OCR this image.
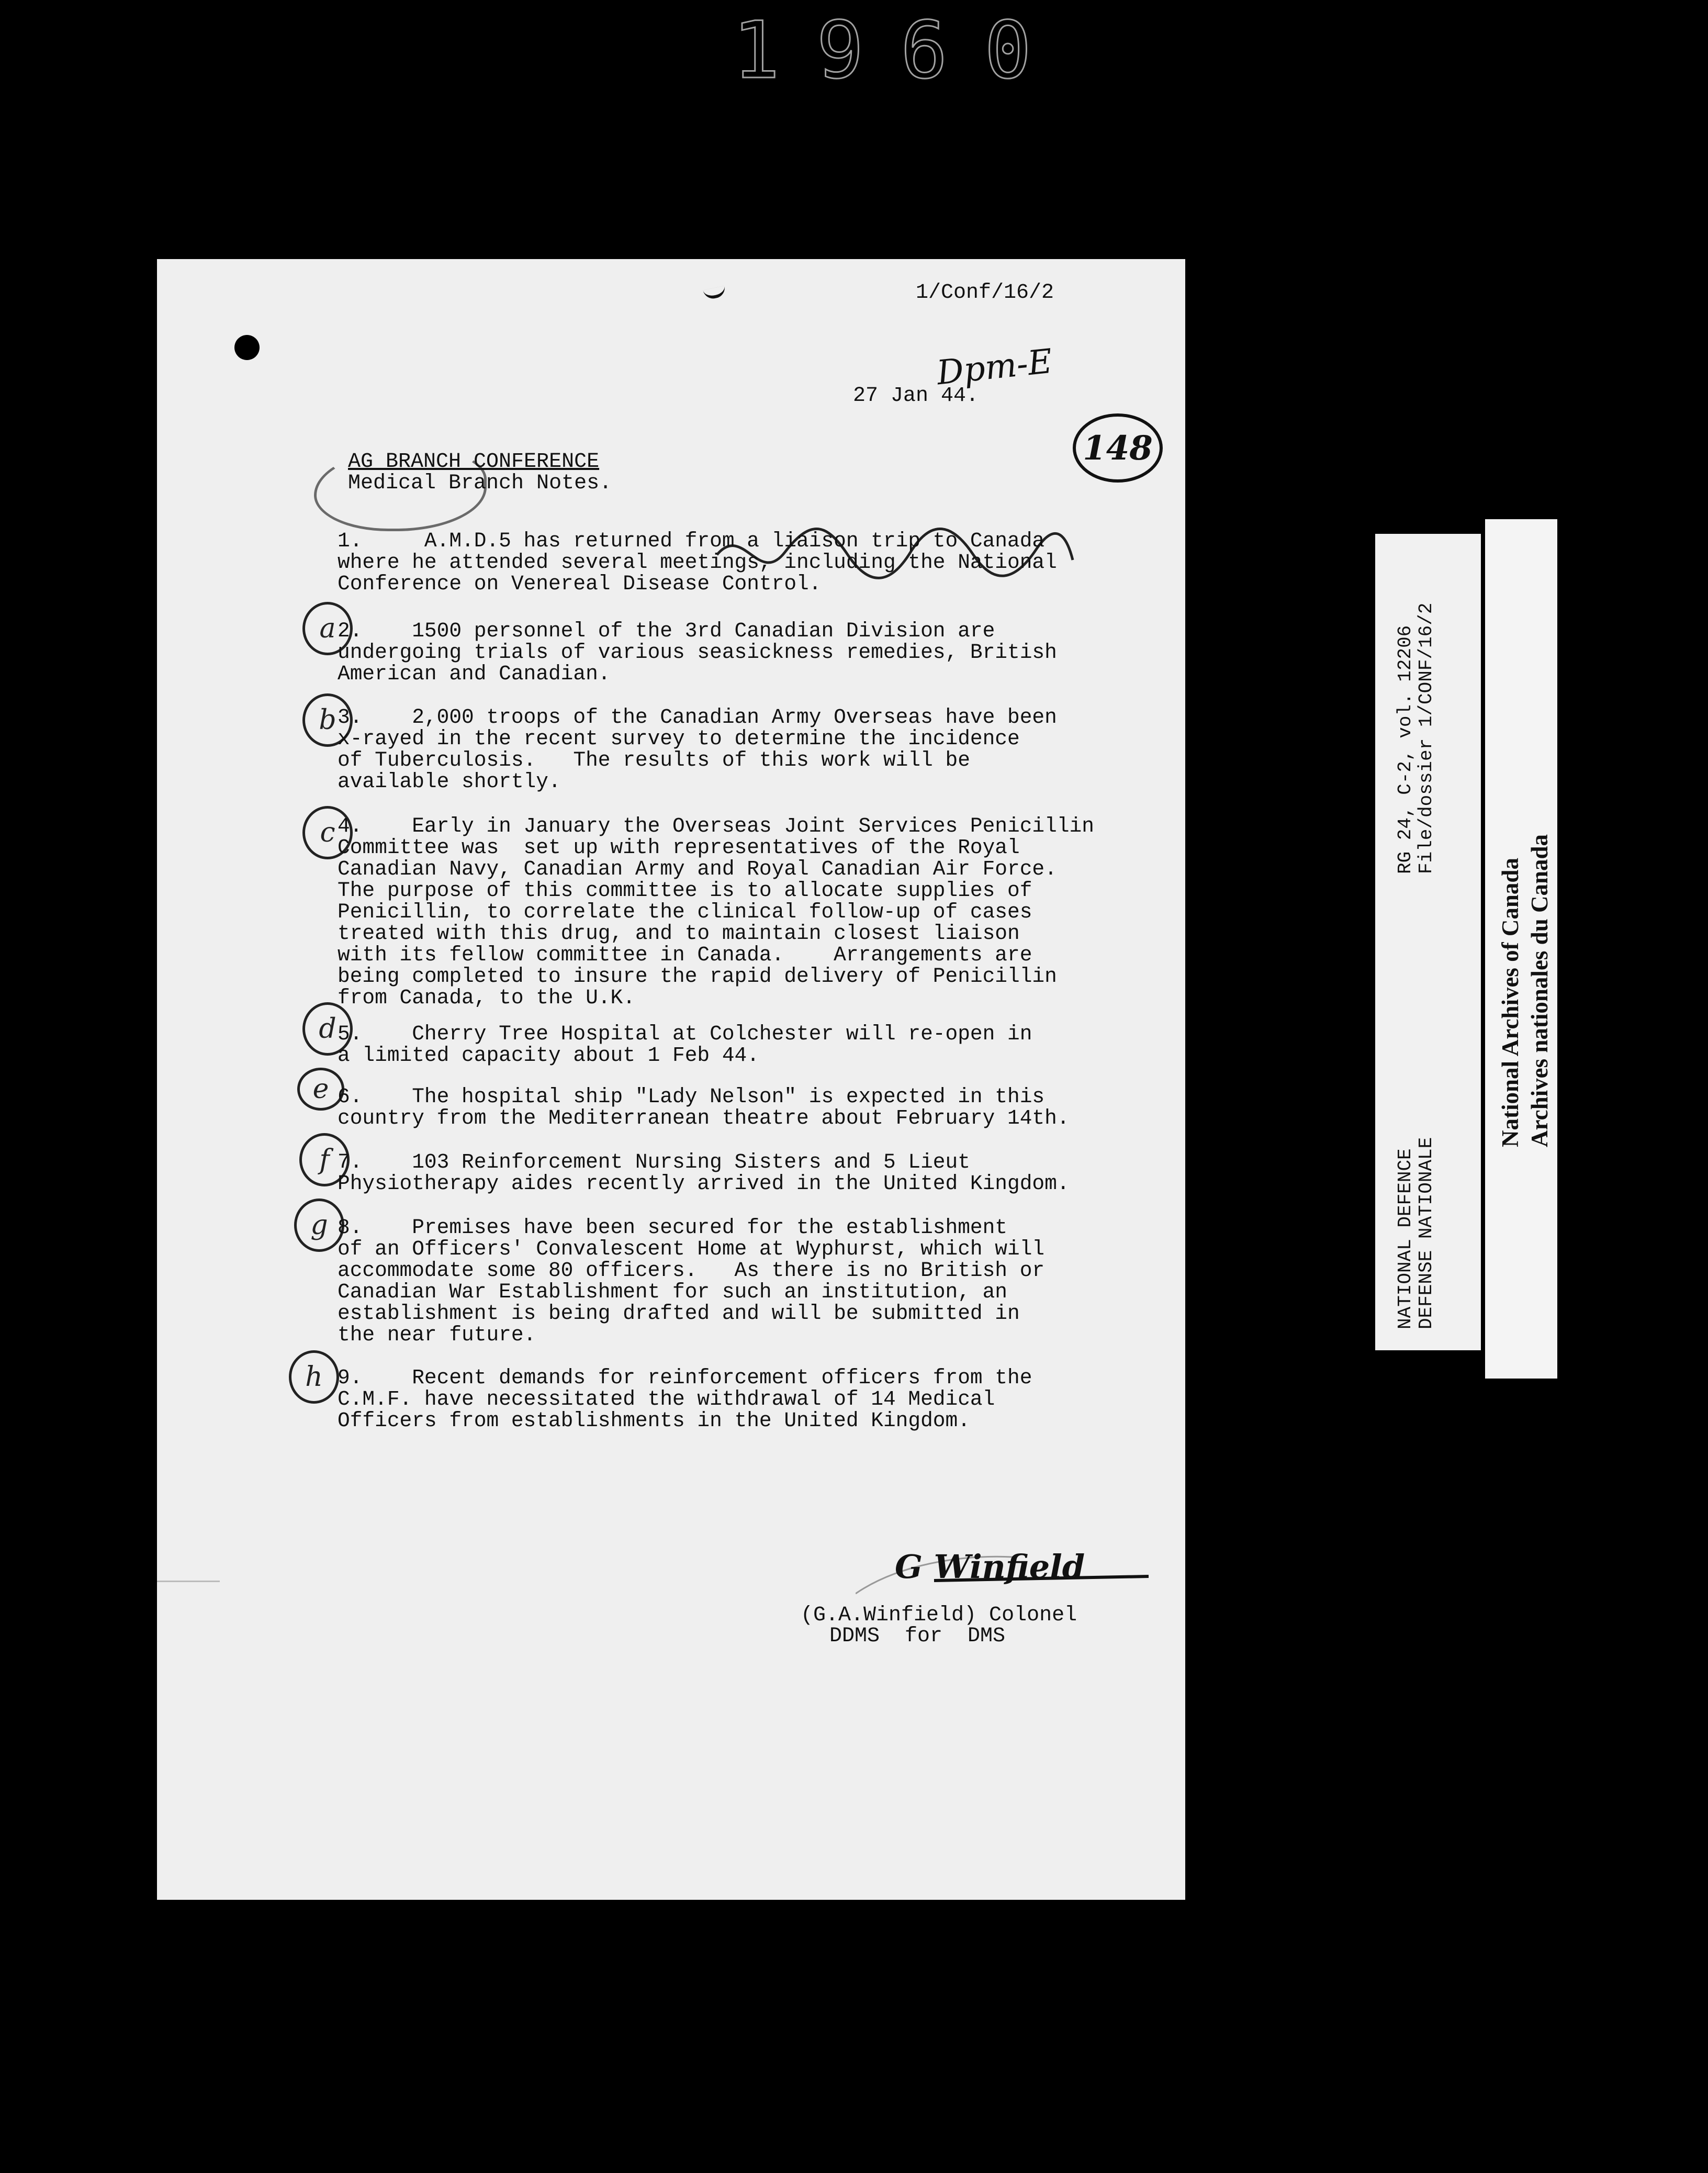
1960
1/Conf/16/2
27 Jan 44.
Dpm-E
148
AG BRANCH CONFERENCE
Medical Branch Notes.
1.     A.M.D.5 has returned from a liaison trip to Canada
where he attended several meetings, including the National
Conference on Venereal Disease Control.
a 2.    1500 personnel of the 3rd Canadian Division are
undergoing trials of various seasickness remedies, British
American and Canadian.
b 3.    2,000 troops of the Canadian Army Overseas have been
x-rayed in the recent survey to determine the incidence
of Tuberculosis.   The results of this work will be
available shortly.
c 4.    Early in January the Overseas Joint Services Penicillin
Committee was  set up with representatives of the Royal
Canadian Navy, Canadian Army and Royal Canadian Air Force.
The purpose of this committee is to allocate supplies of
Penicillin, to correlate the clinical follow-up of cases
treated with this drug, and to maintain closest liaison
with its fellow committee in Canada.    Arrangements are
being completed to insure the rapid delivery of Penicillin
from Canada, to the U.K.
d 5.    Cherry Tree Hospital at Colchester will re-open in
a limited capacity about 1 Feb 44.
e 6.    The hospital ship "Lady Nelson" is expected in this
country from the Mediterranean theatre about February 14th.
f 7.    103 Reinforcement Nursing Sisters and 5 Lieut
Physiotherapy aides recently arrived in the United Kingdom.
g 8.    Premises have been secured for the establishment
of an Officers' Convalescent Home at Wyphurst, which will
accommodate some 80 officers.   As there is no British or
Canadian War Establishment for such an institution, an
establishment is being drafted and will be submitted in
the near future.
h 9.    Recent demands for reinforcement officers from the
C.M.F. have necessitated the withdrawal of 14 Medical
Officers from establishments in the United Kingdom.
G Winfield
(G.A.Winfield) Colonel
DDMS  for  DMS
RG 24, C-2, vol. 12206
File/dossier 1/CONF/16/2
NATIONAL DEFENCE
DEFENSE NATIONALE
National Archives of Canada
Archives nationales du Canada
